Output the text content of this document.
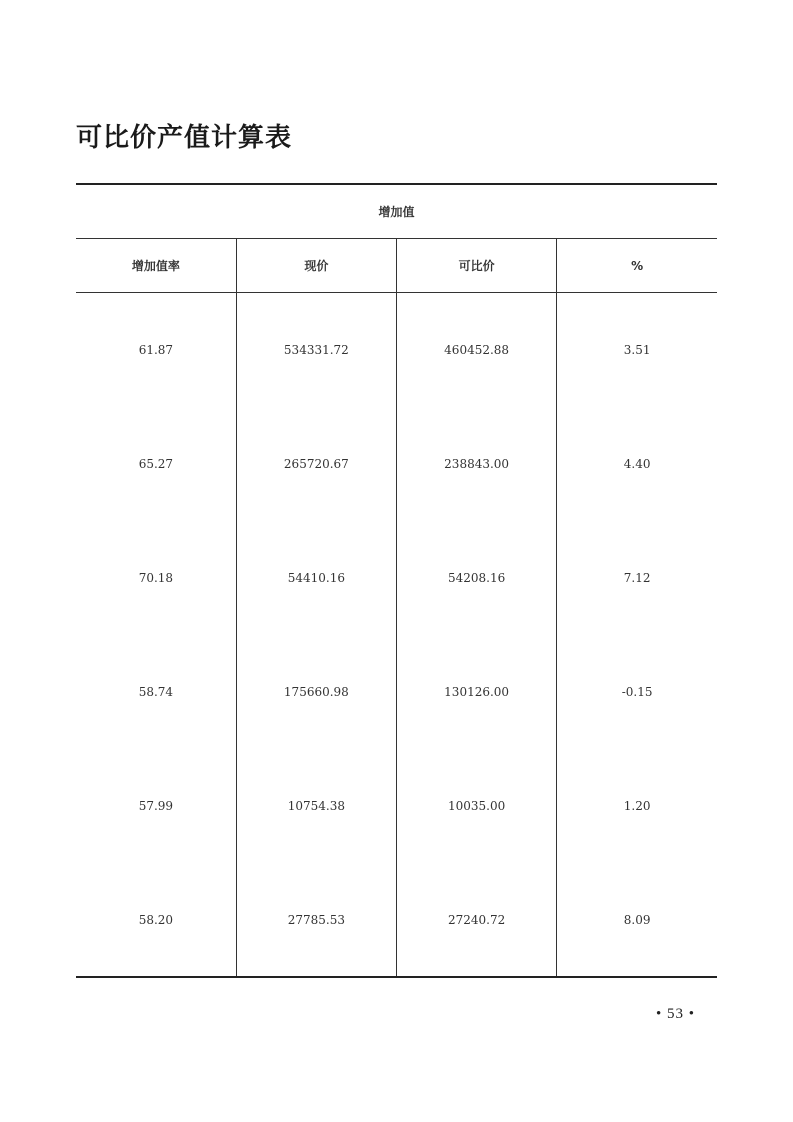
可比价产值计算表
增加值			
增加值率	现价	可比价	%
61.87	534331.72	460452.88	3.51
65.27	265720.67	238843.00	4.40
70.18	54410.16	54208.16	7.12
58.74	175660.98	130126.00	-0.15
57.99	10754.38	10035.00	1.20
58.20	27785.53	27240.72	8.09
• 53 •
